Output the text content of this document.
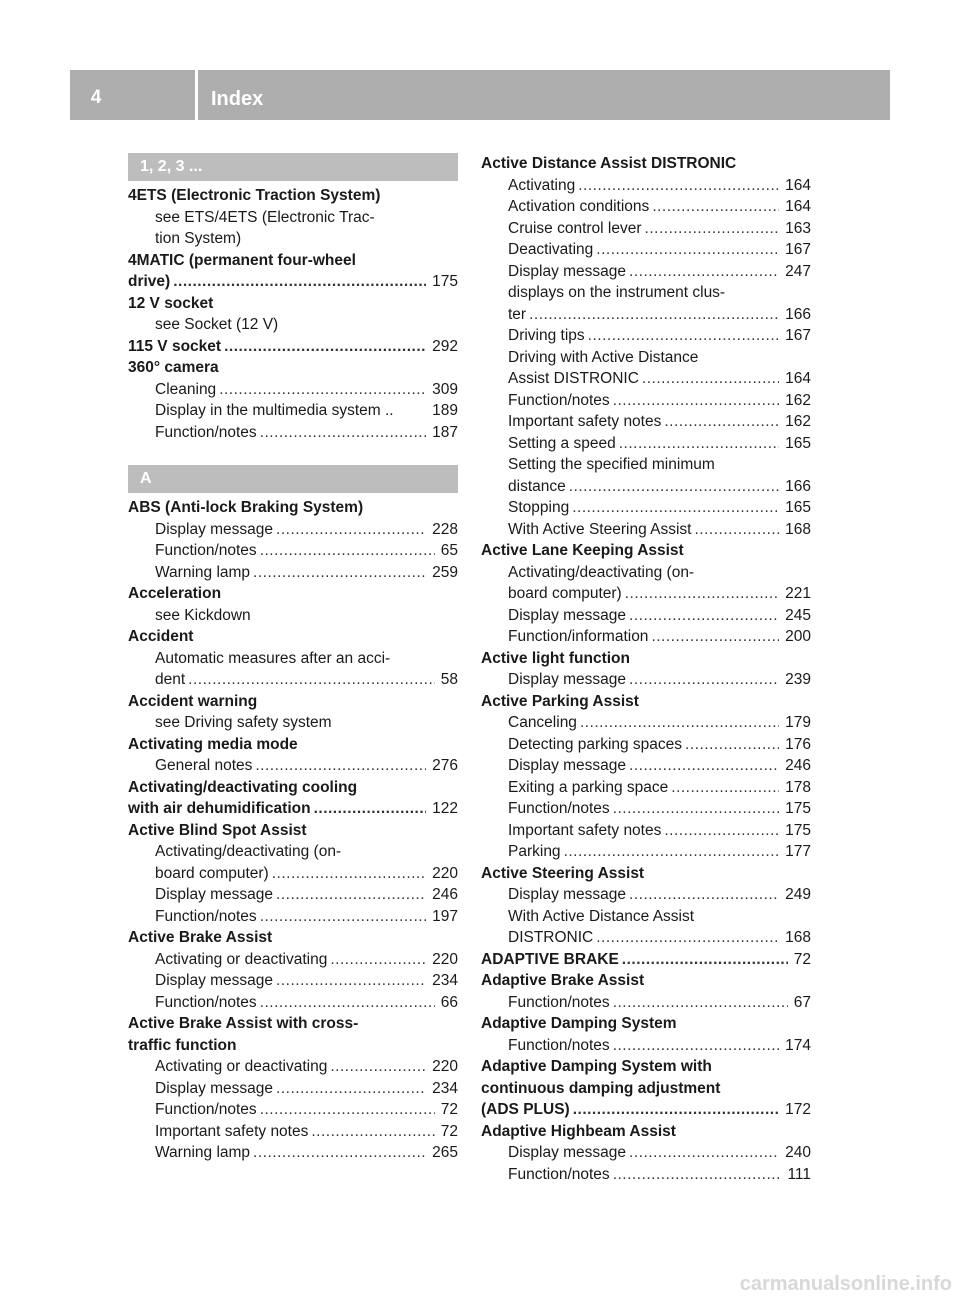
4	Index
1, 2, 3 ...
4ETS (Electronic Traction System)
see ETS/4ETS (Electronic Trac-
tion System)
4MATIC (permanent four-wheel
drive) .....	175
12 V socket
see Socket (12 V)
115 V socket .....	292
360° camera
Cleaning .....	309
Display in the multimedia system ..	189
Function/notes .....	187
A
ABS (Anti-lock Braking System)
Display message .....	228
Function/notes .....	65
Warning lamp .....	259
Acceleration
see Kickdown
Accident
Automatic measures after an acci-
dent .....	58
Accident warning
see Driving safety system
Activating media mode
General notes .....	276
Activating/deactivating cooling
with air dehumidification .....	122
Active Blind Spot Assist
Activating/deactivating (on-
board computer) .....	220
Display message .....	246
Function/notes .....	197
Active Brake Assist
Activating or deactivating .....	220
Display message .....	234
Function/notes .....	66
Active Brake Assist with cross-
traffic function
Activating or deactivating .....	220
Display message .....	234
Function/notes .....	72
Important safety notes .....	72
Warning lamp .....	265
Active Distance Assist DISTRONIC
Activating .....	164
Activation conditions .....	164
Cruise control lever .....	163
Deactivating .....	167
Display message .....	247
displays on the instrument clus-
ter .....	166
Driving tips .....	167
Driving with Active Distance
Assist DISTRONIC .....	164
Function/notes .....	162
Important safety notes .....	162
Setting a speed .....	165
Setting the specified minimum
distance .....	166
Stopping .....	165
With Active Steering Assist .....	168
Active Lane Keeping Assist
Activating/deactivating (on-
board computer) .....	221
Display message .....	245
Function/information .....	200
Active light function
Display message .....	239
Active Parking Assist
Canceling .....	179
Detecting parking spaces .....	176
Display message .....	246
Exiting a parking space .....	178
Function/notes .....	175
Important safety notes .....	175
Parking .....	177
Active Steering Assist
Display message .....	249
With Active Distance Assist
DISTRONIC .....	168
ADAPTIVE BRAKE .....	72
Adaptive Brake Assist
Function/notes .....	67
Adaptive Damping System
Function/notes .....	174
Adaptive Damping System with
continuous damping adjustment
(ADS PLUS) .....	172
Adaptive Highbeam Assist
Display message .....	240
Function/notes .....	111
carmanualsonline.info
